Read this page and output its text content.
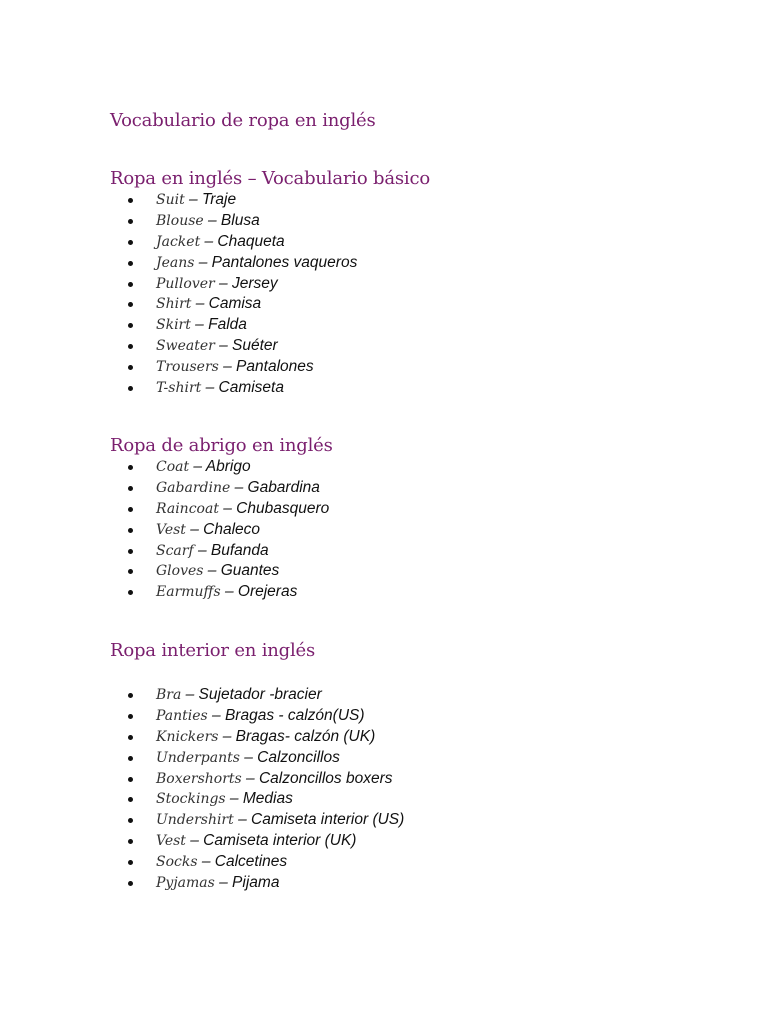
Vocabulario de ropa en inglés
Ropa en inglés – Vocabulario básico
Suit – Traje
Blouse – Blusa
Jacket – Chaqueta
Jeans – Pantalones vaqueros
Pullover – Jersey
Shirt – Camisa
Skirt – Falda
Sweater – Suéter
Trousers – Pantalones
T-shirt – Camiseta
Ropa de abrigo en inglés
Coat – Abrigo
Gabardine – Gabardina
Raincoat – Chubasquero
Vest – Chaleco
Scarf – Bufanda
Gloves – Guantes
Earmuffs – Orejeras
Ropa interior en inglés
Bra – Sujetador -bracier
Panties – Bragas - calzón(US)
Knickers – Bragas- calzón (UK)
Underpants – Calzoncillos
Boxershorts – Calzoncillos boxers
Stockings – Medias
Undershirt – Camiseta interior (US)
Vest – Camiseta interior (UK)
Socks – Calcetines
Pyjamas – Pijama
